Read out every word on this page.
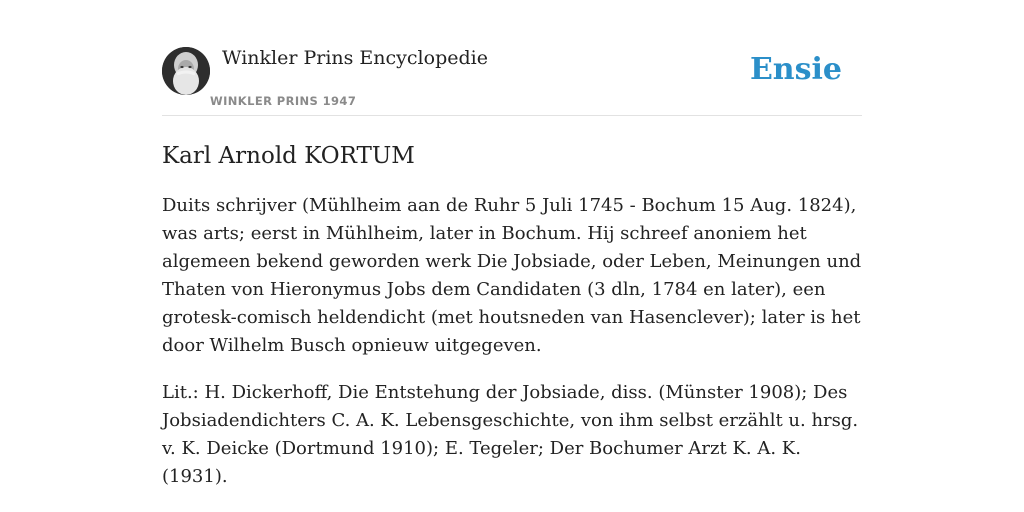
Winkler Prins Encyclopedie
WINKLER PRINS 1947
Ensie
Karl Arnold KORTUM

Duits schrijver (Mühlheim aan de Ruhr 5 Juli 1745 - Bochum 15 Aug. 1824), was arts; eerst in Mühlheim, later in Bochum. Hij schreef anoniem het algemeen bekend geworden werk Die Jobsiade, oder Leben, Meinungen und Thaten von Hieronymus Jobs dem Candidaten (3 dln, 1784 en later), een grotesk-comisch heldendicht (met houtsneden van Hasenclever); later is het door Wilhelm Busch opnieuw uitgegeven.

Lit.: H. Dickerhoff, Die Entstehung der Jobsiade, diss. (Münster 1908); Des Jobsiadendichters C. A. K. Lebensgeschichte, von ihm selbst erzählt u. hrsg. v. K. Deicke (Dortmund 1910); E. Tegeler; Der Bochumer Arzt K. A. K. (1931).
